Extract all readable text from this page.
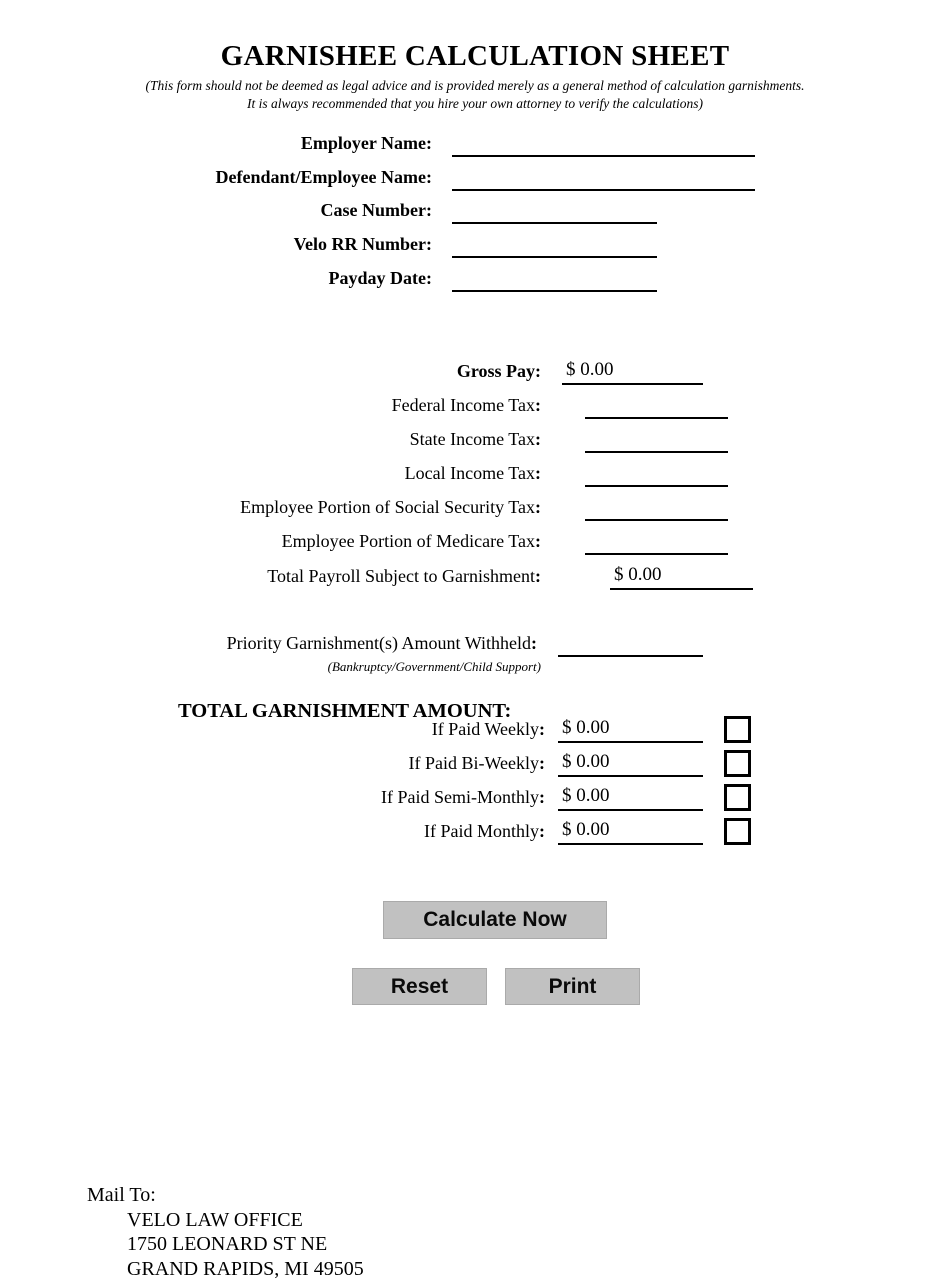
GARNISHEE CALCULATION SHEET
(This form should not be deemed as legal advice and is provided merely as a general method of calculation garnishments.
It is always recommended that you hire your own attorney to verify the calculations)
Employer Name:
Defendant/Employee Name:
Case Number:
Velo RR Number:
Payday Date:
Gross Pay:
$ 0.00
Federal Income Tax:
State Income Tax:
Local Income Tax:
Employee Portion of Social Security Tax:
Employee Portion of Medicare Tax:
Total Payroll Subject to Garnishment:
$ 0.00
Priority Garnishment(s) Amount Withheld:
(Bankruptcy/Government/Child Support)
TOTAL GARNISHMENT AMOUNT:
If Paid Weekly:
$ 0.00
If Paid Bi-Weekly:
$ 0.00
If Paid Semi-Monthly:
$ 0.00
If Paid Monthly:
$ 0.00
Calculate Now
Reset	Print
Mail To:
VELO LAW OFFICE
1750 LEONARD ST NE
GRAND RAPIDS, MI 49505
